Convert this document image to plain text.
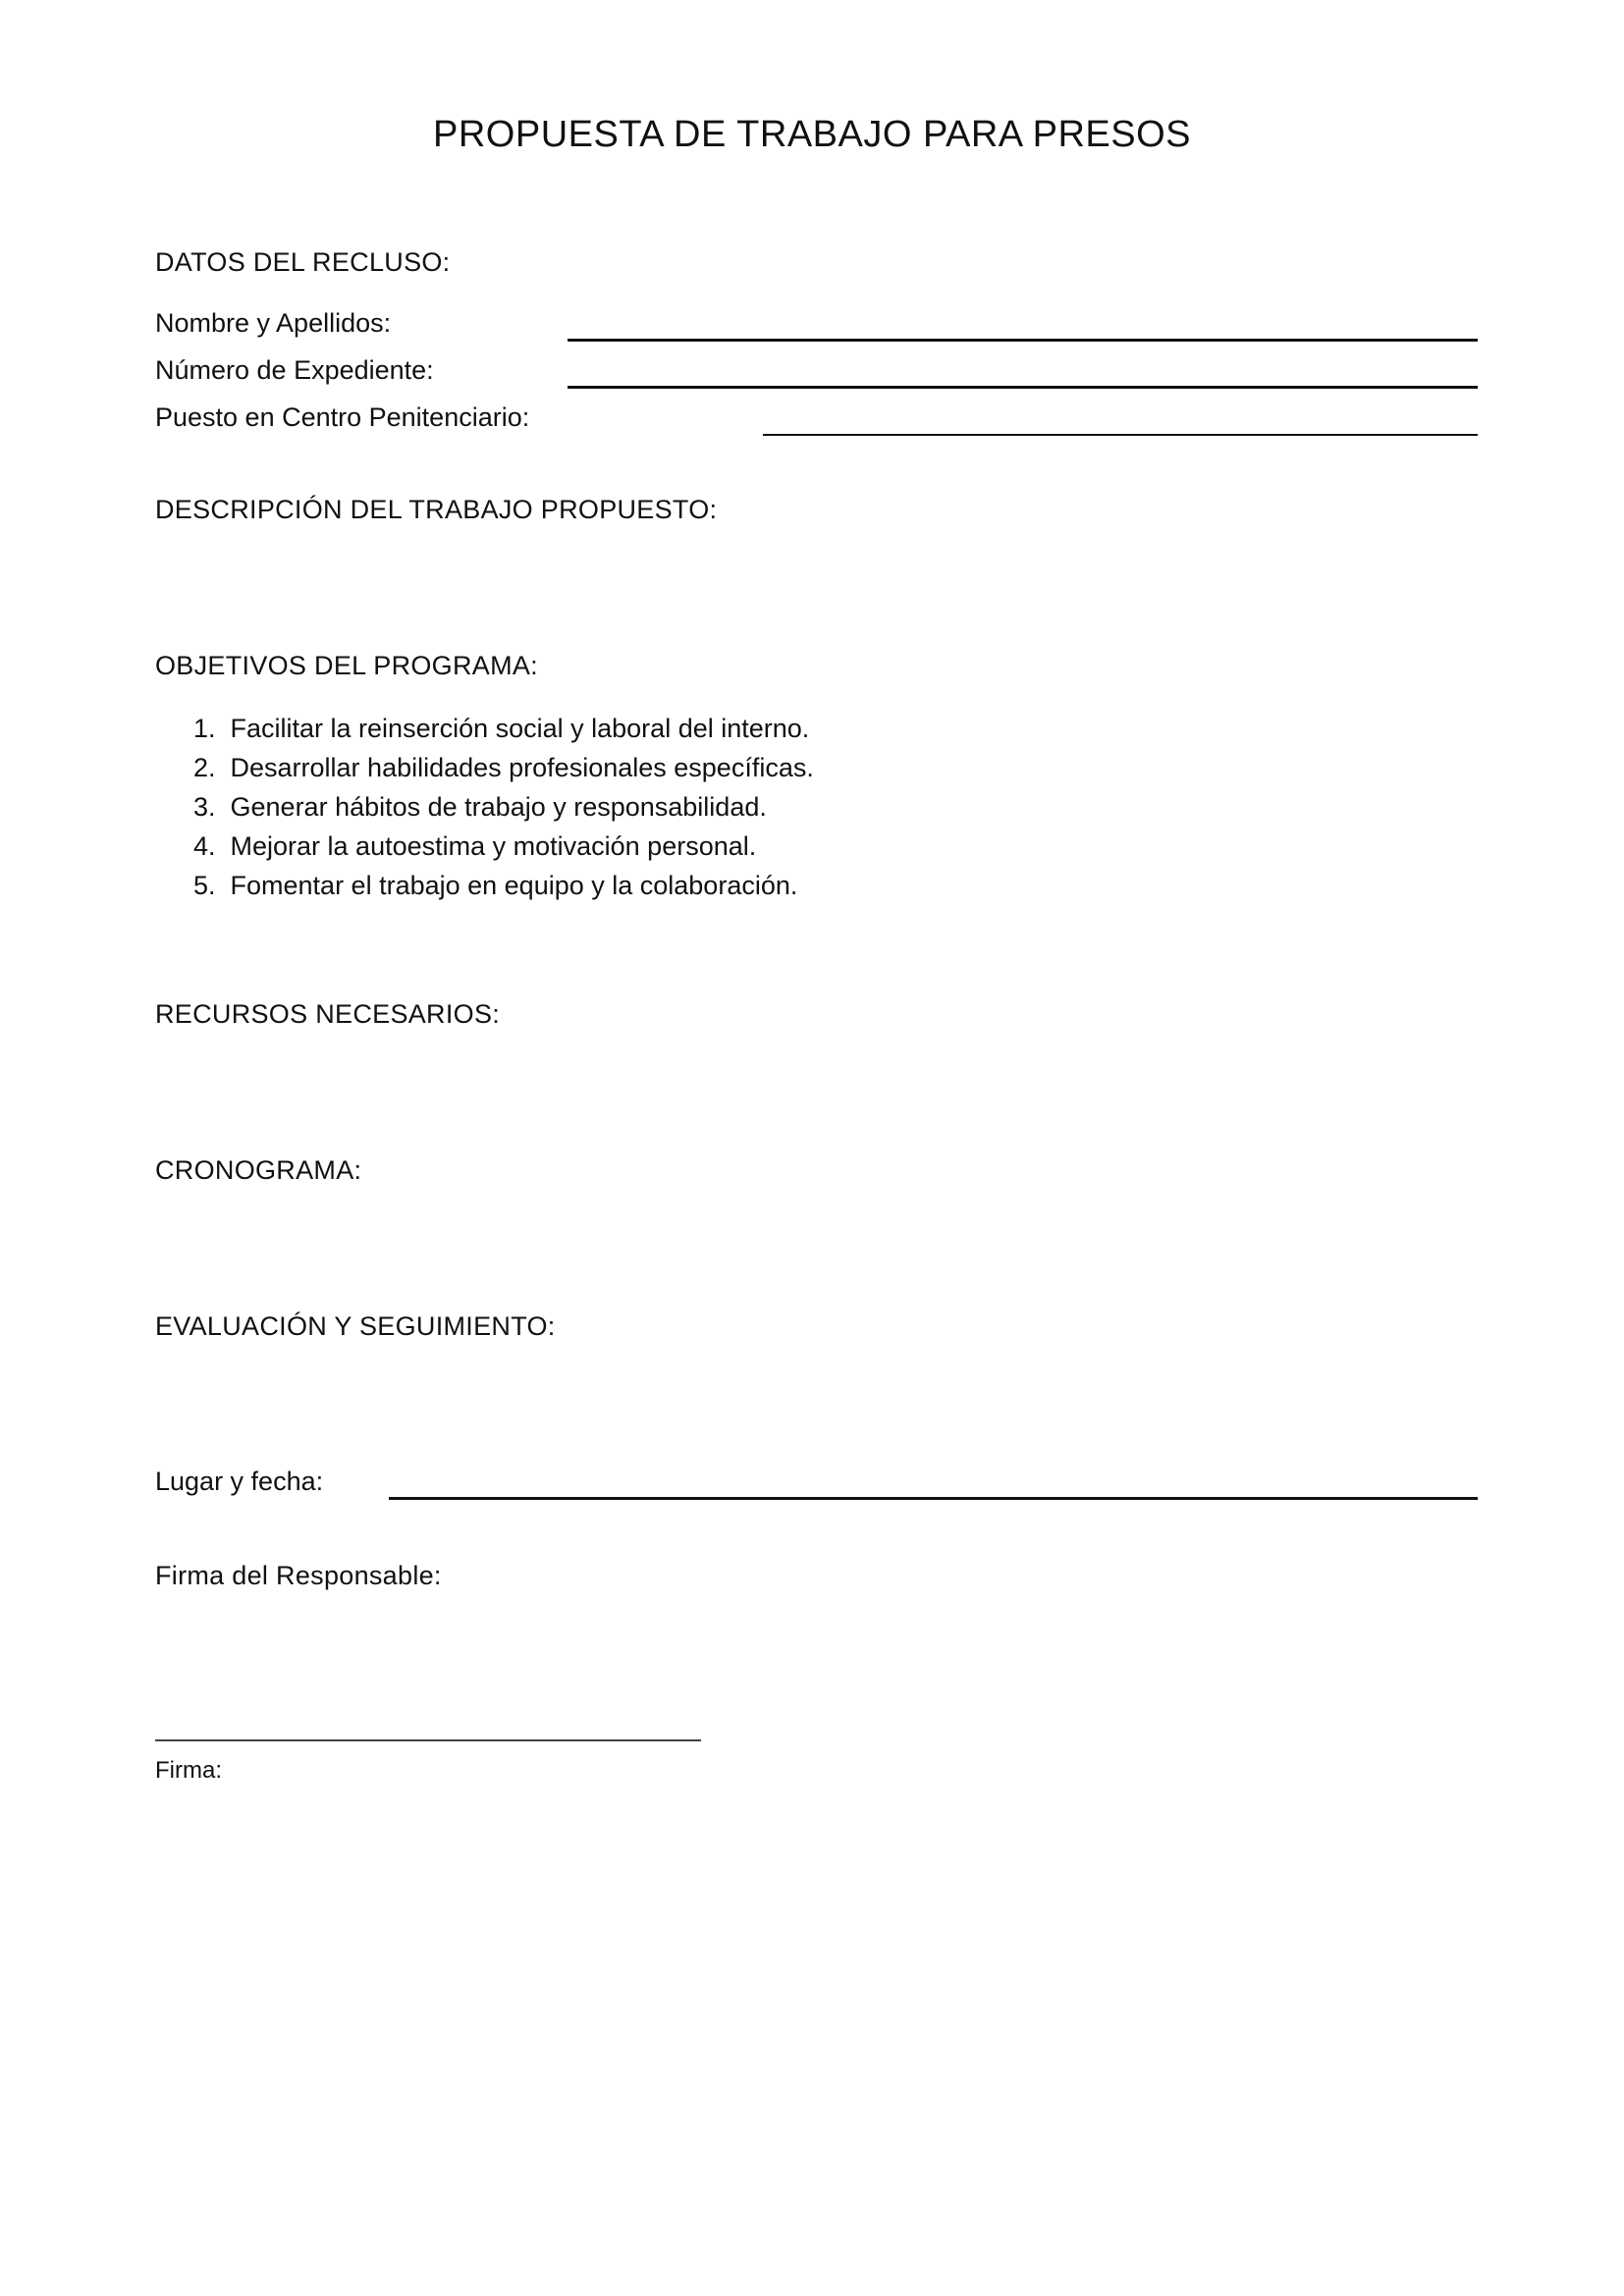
PROPUESTA DE TRABAJO PARA PRESOS
DATOS DEL RECLUSO:
Nombre y Apellidos:
Número de Expediente:
Puesto en Centro Penitenciario:
DESCRIPCIÓN DEL TRABAJO PROPUESTO:
OBJETIVOS DEL PROGRAMA:
1. Facilitar la reinserción social y laboral del interno.
2. Desarrollar habilidades profesionales específicas.
3. Generar hábitos de trabajo y responsabilidad.
4. Mejorar la autoestima y motivación personal.
5. Fomentar el trabajo en equipo y la colaboración.
RECURSOS NECESARIOS:
CRONOGRAMA:
EVALUACIÓN Y SEGUIMIENTO:
Lugar y fecha:
Firma del Responsable:
Firma:
